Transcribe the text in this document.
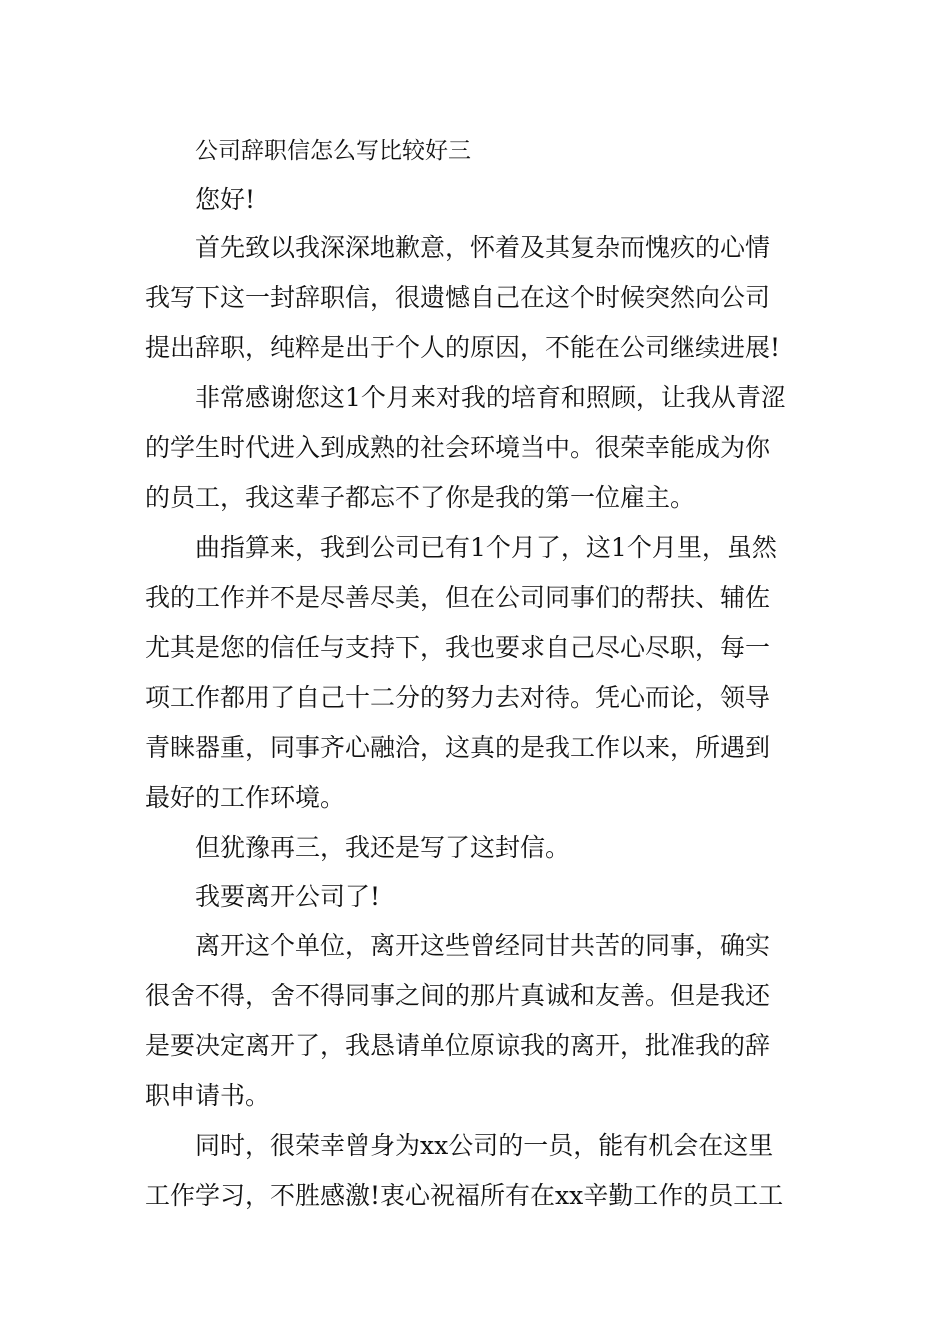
公司辞职信怎么写比较好三
您好!
首先致以我深深地歉意，怀着及其复杂而愧疚的心情
我写下这一封辞职信，很遗憾自己在这个时候突然向公司
提出辞职，纯粹是出于个人的原因，不能在公司继续进展!
非常感谢您这1个月来对我的培育和照顾，让我从青涩
的学生时代进入到成熟的社会环境当中。很荣幸能成为你
的员工，我这辈子都忘不了你是我的第一位雇主。
曲指算来，我到公司已有1个月了，这1个月里，虽然
我的工作并不是尽善尽美，但在公司同事们的帮扶、辅佐
尤其是您的信任与支持下，我也要求自己尽心尽职，每一
项工作都用了自己十二分的努力去对待。凭心而论，领导
青睐器重，同事齐心融洽，这真的是我工作以来，所遇到
最好的工作环境。
但犹豫再三，我还是写了这封信。
我要离开公司了!
离开这个单位，离开这些曾经同甘共苦的同事，确实
很舍不得，舍不得同事之间的那片真诚和友善。但是我还
是要决定离开了，我恳请单位原谅我的离开，批准我的辞
职申请书。
同时，很荣幸曾身为xx公司的一员，能有机会在这里
工作学习，不胜感激!衷心祝福所有在xx辛勤工作的员工工
